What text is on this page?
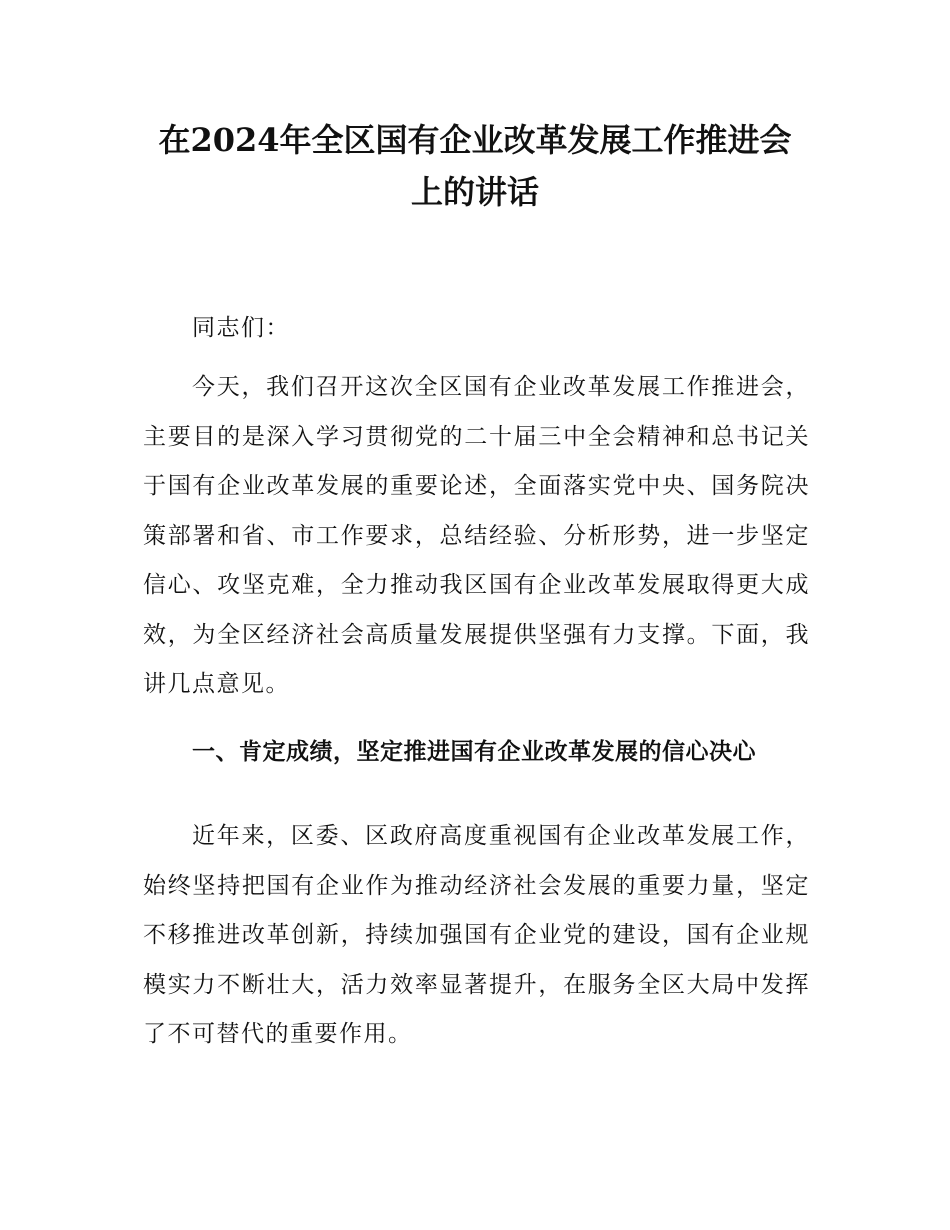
在2024年全区国有企业改革发展工作推进会
上的讲话

同志们：

今天，我们召开这次全区国有企业改革发展工作推进会，主要目的是深入学习贯彻党的二十届三中全会精神和总书记关于国有企业改革发展的重要论述，全面落实党中央、国务院决策部署和省、市工作要求，总结经验、分析形势，进一步坚定信心、攻坚克难，全力推动我区国有企业改革发展取得更大成效，为全区经济社会高质量发展提供坚强有力支撑。下面，我讲几点意见。

一、肯定成绩，坚定推进国有企业改革发展的信心决心

近年来，区委、区政府高度重视国有企业改革发展工作，始终坚持把国有企业作为推动经济社会发展的重要力量，坚定不移推进改革创新，持续加强国有企业党的建设，国有企业规模实力不断壮大，活力效率显著提升，在服务全区大局中发挥了不可替代的重要作用。
